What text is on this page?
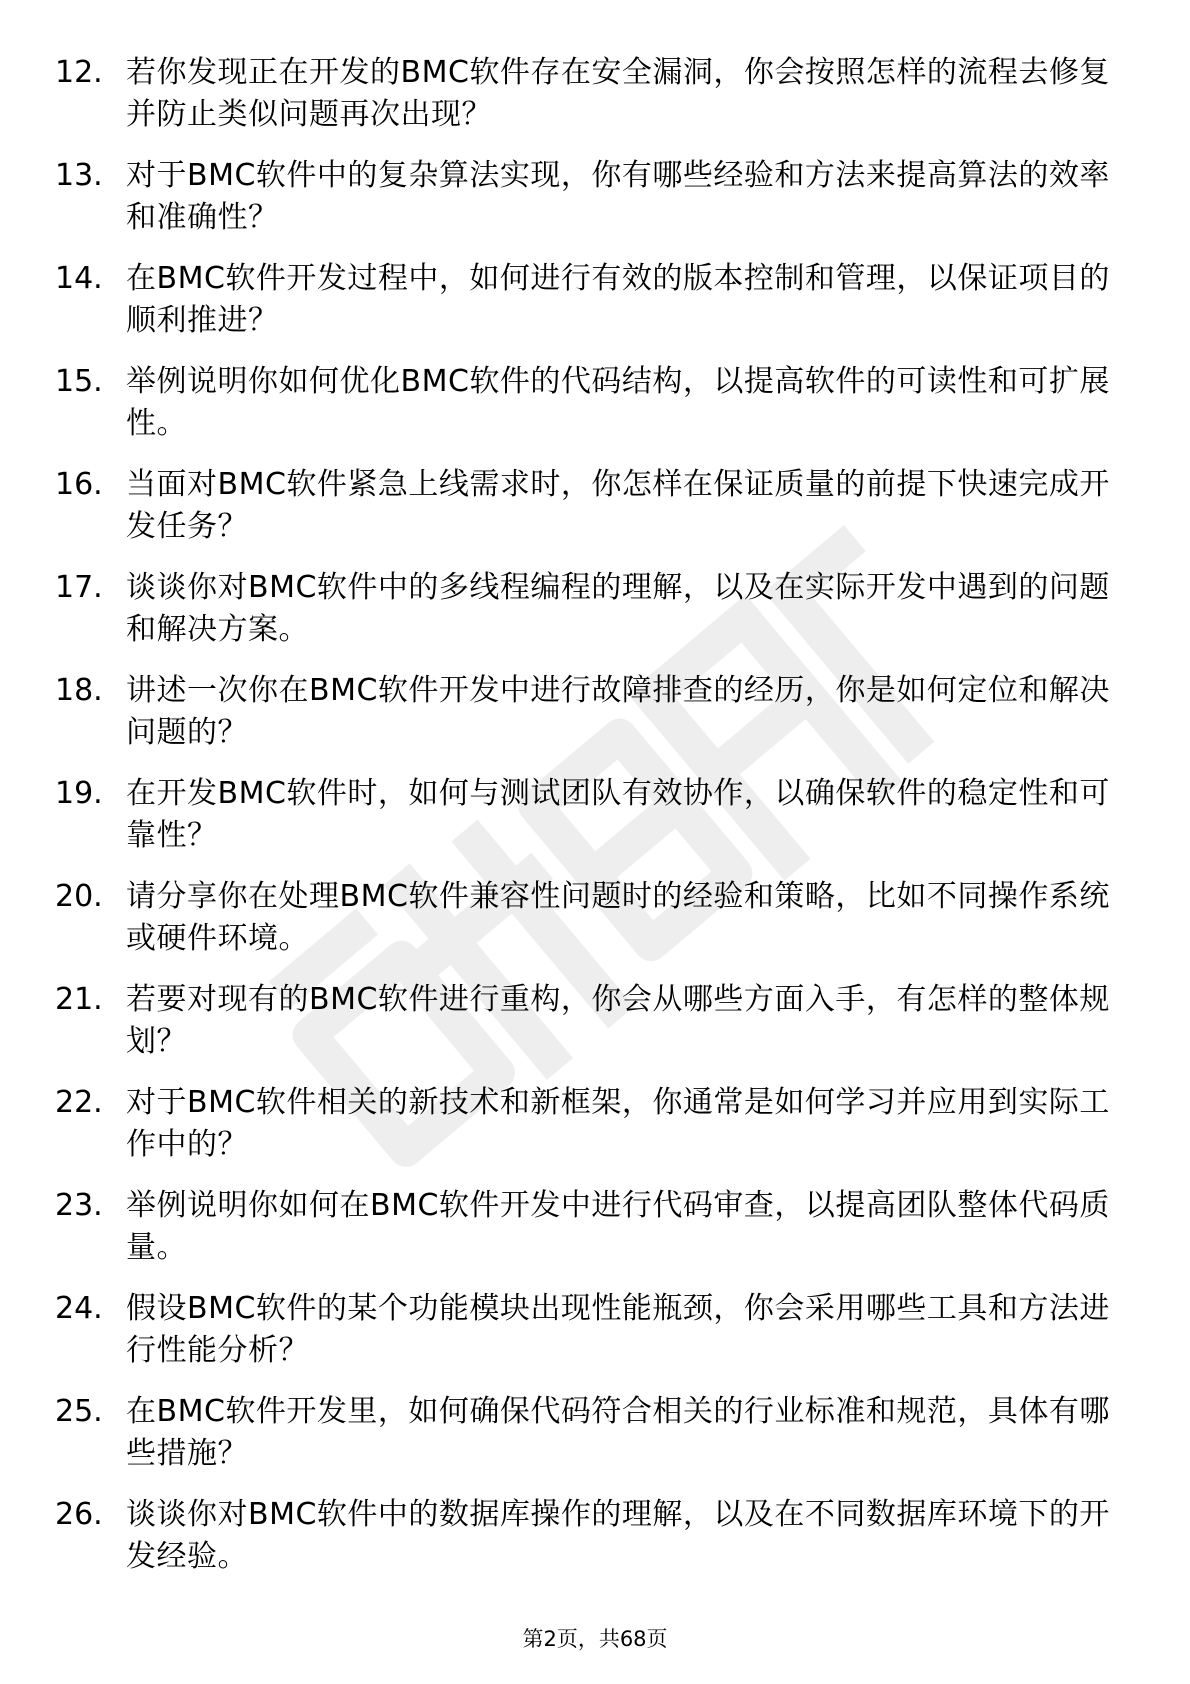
12. 若你发现正在开发的BMC软件存在安全漏洞，你会按照怎样的流程去修复并防止类似问题再次出现？
13. 对于BMC软件中的复杂算法实现，你有哪些经验和方法来提高算法的效率和准确性？
14. 在BMC软件开发过程中，如何进行有效的版本控制和管理，以保证项目的顺利推进？
15. 举例说明你如何优化BMC软件的代码结构，以提高软件的可读性和可扩展性。
16. 当面对BMC软件紧急上线需求时，你怎样在保证质量的前提下快速完成开发任务？
17. 谈谈你对BMC软件中的多线程编程的理解，以及在实际开发中遇到的问题和解决方案。
18. 讲述一次你在BMC软件开发中进行故障排查的经历，你是如何定位和解决问题的？
19. 在开发BMC软件时，如何与测试团队有效协作，以确保软件的稳定性和可靠性？
20. 请分享你在处理BMC软件兼容性问题时的经验和策略，比如不同操作系统或硬件环境。
21. 若要对现有的BMC软件进行重构，你会从哪些方面入手，有怎样的整体规划？
22. 对于BMC软件相关的新技术和新框架，你通常是如何学习并应用到实际工作中的？
23. 举例说明你如何在BMC软件开发中进行代码审查，以提高团队整体代码质量。
24. 假设BMC软件的某个功能模块出现性能瓶颈，你会采用哪些工具和方法进行性能分析？
25. 在BMC软件开发里，如何确保代码符合相关的行业标准和规范，具体有哪些措施？
26. 谈谈你对BMC软件中的数据库操作的理解，以及在不同数据库环境下的开发经验。
第2页，共68页
